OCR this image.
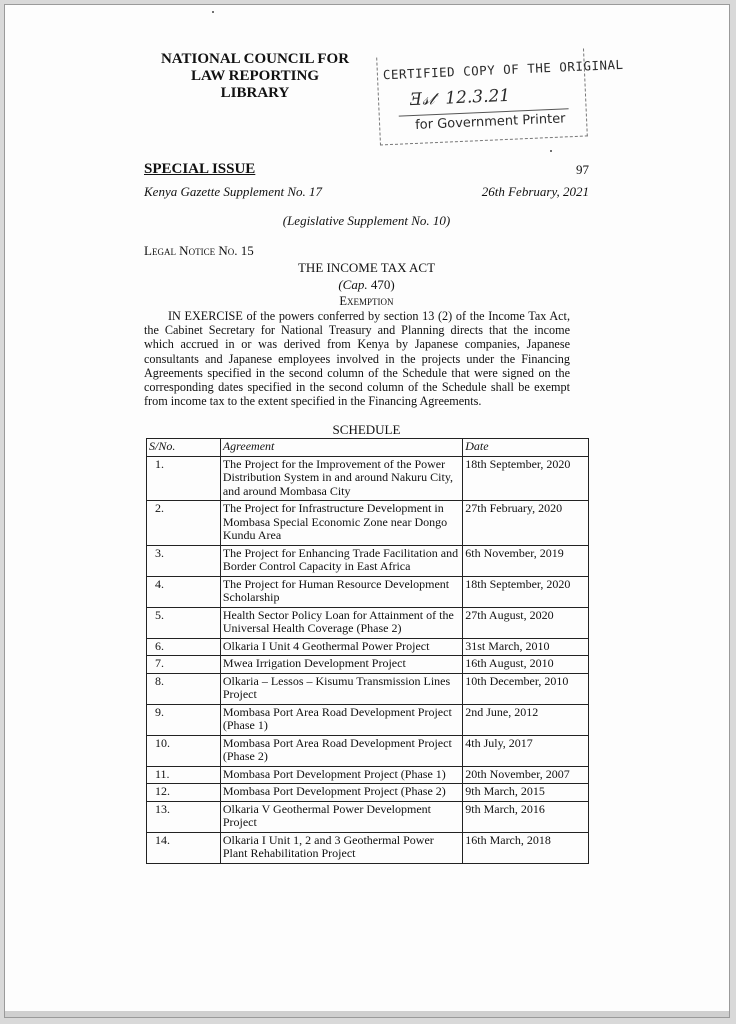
NATIONAL COUNCIL FOR
LAW REPORTING
LIBRARY
CERTIFIED COPY OF THE ORIGINAL
Ǝ𝓈𝓉  12.3.21
for Government Printer
SPECIAL ISSUE	97
Kenya Gazette Supplement No. 17	26th February, 2021
(Legislative Supplement No. 10)
Legal Notice No. 15
THE INCOME TAX ACT
(Cap. 470)
Exemption
IN EXERCISE of the powers conferred by section 13 (2) of the Income Tax Act, the Cabinet Secretary for National Treasury and Planning directs that the income which accrued in or was derived from Kenya by Japanese companies, Japanese consultants and Japanese employees involved in the projects under the Financing Agreements specified in the second column of the Schedule that were signed on the corresponding dates specified in the second column of the Schedule shall be exempt from income tax to the extent specified in the Financing Agreements.
SCHEDULE
S/No.	Agreement	Date
1.	The Project for the Improvement of the Power Distribution System in and around Nakuru City, and around Mombasa City	18th September, 2020
2.	The Project for Infrastructure Development in Mombasa Special Economic Zone near Dongo Kundu Area	27th February, 2020
3.	The Project for Enhancing Trade Facilitation and Border Control Capacity in East Africa	6th November, 2019
4.	The Project for Human Resource Development Scholarship	18th September, 2020
5.	Health Sector Policy Loan for Attainment of the Universal Health Coverage (Phase 2)	27th August, 2020
6.	Olkaria I Unit 4 Geothermal Power Project	31st March, 2010
7.	Mwea Irrigation Development Project	16th August, 2010
8.	Olkaria – Lessos – Kisumu Transmission Lines Project	10th December, 2010
9.	Mombasa Port Area Road Development Project (Phase 1)	2nd June, 2012
10.	Mombasa Port Area Road Development Project (Phase 2)	4th July, 2017
11.	Mombasa Port Development Project (Phase 1)	20th November, 2007
12.	Mombasa Port Development Project (Phase 2)	9th March, 2015
13.	Olkaria V Geothermal Power Development Project	9th March, 2016
14.	Olkaria I Unit 1, 2 and 3 Geothermal Power Plant Rehabilitation Project	16th March, 2018
